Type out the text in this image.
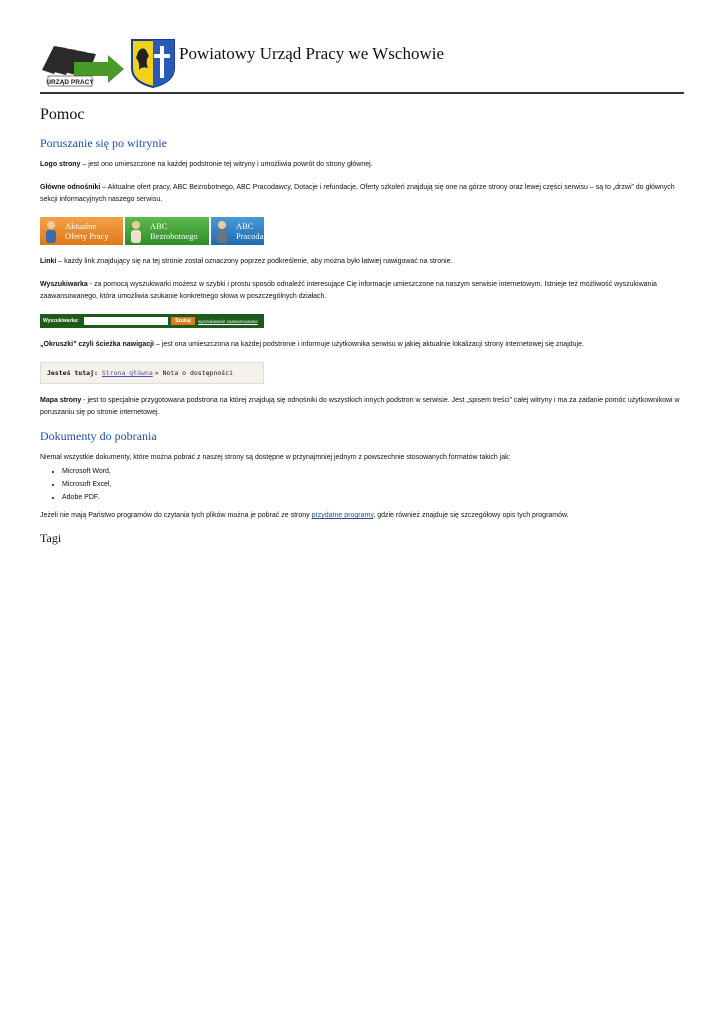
URZĄD PRACY
Powiatowy Urząd Pracy we Wschowie
Pomoc
Poruszanie się po witrynie

Logo strony – jest ono umieszczone na każdej podstronie tej witryny i umożliwia powrót do strony głównej.

Główne odnośniki – Aktualne ofert pracy, ABC Bezrobotnego, ABC Pracodawcy, Dotacje i refundacje, Oferty szkoleń znajdują się one na górze strony oraz lewej części serwisu – są to „drzwi” do głównych sekcji informacyjnych naszego serwisu.

Aktualne
Oferty Pracy
ABC
Bezrobotnego
ABC
Pracodawcy

Linki – każdy link znajdujący się na tej stronie został oznaczony poprzez podkreślenie, aby można było łatwiej nawigować na stronie.

Wyszukiwarka - za pomocą wyszukiwarki możesz w szybki i prostu sposób odnaleźć interesujące Cię informacje umieszczone na naszym serwisie internetowym. Istnieje też możliwość wyszukiwania zaawansowanego, która umożliwia szukanie konkretnego słowa w poszczególnych działach.

Wyszukiwarka:	Szukaj	wyszukiwanie zaawansowane

„Okruszki” czyli ścieżka nawigacji – jest ona umieszczona na każdej podstronie i informuje użytkownika serwisu w jakiej aktualnie lokalizacji strony internetowej się znajduje.

Jesteś tutaj: Strona główna » Nota o dostępności

Mapa strony - jest to specjalnie przygotowana podstrona na której znajdują się odnośniki do wszystkich innych podstron w serwisie. Jest „spisem treści” całej witryny i ma za zadanie pomóc użytkownikowi w poruszaniu się po stronie internetowej.

Dokumenty do pobrania

Niemal wszystkie dokumenty, które można pobrać z naszej strony są dostępne w przynajmniej jednym z powszechnie stosowanych formatów takich jak:

• Microsoft Word,
• Microsoft Excel,
• Adobe PDF.

Jeżeli nie mają Państwo programów do czytania tych plików można je pobrać ze strony przydatne programy, gdzie również znajduje się szczegółowy opis tych programów.

Tagi
